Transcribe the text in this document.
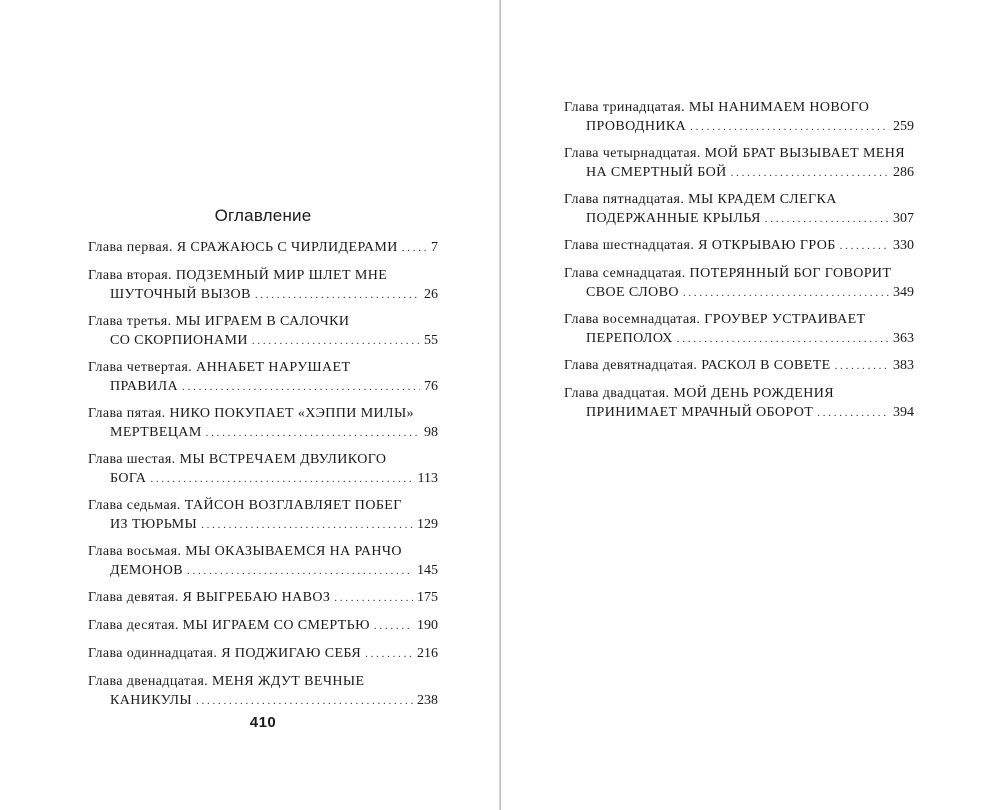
Оглавление
Глава первая. Я СРАЖАЮСЬ С ЧИРЛИДЕРАМИ . . . 7
Глава вторая. ПОДЗЕМНЫЙ МИР ШЛЕТ МНЕ
ШУТОЧНЫЙ ВЫЗОВ . . .	26
Глава третья. МЫ ИГРАЕМ В САЛОЧКИ
СО СКОРПИОНАМИ . . .	55
Глава четвертая. АННАБЕТ НАРУШАЕТ
ПРАВИЛА . . .	76
Глава пятая. НИКО ПОКУПАЕТ «ХЭППИ МИЛЫ»
МЕРТВЕЦАМ . . .	98
Глава шестая. МЫ ВСТРЕЧАЕМ ДВУЛИКОГО
БОГА . . .	113
Глава седьмая. ТАЙСОН ВОЗГЛАВЛЯЕТ ПОБЕГ
ИЗ ТЮРЬМЫ . . .	129
Глава восьмая. МЫ ОКАЗЫВАЕМСЯ НА РАНЧО
ДЕМОНОВ . . .	145
Глава девятая. Я ВЫГРЕБАЮ НАВОЗ . . .	175
Глава десятая. МЫ ИГРАЕМ СО СМЕРТЬЮ . . .	190
Глава одиннадцатая. Я ПОДЖИГАЮ СЕБЯ . . .	216
Глава двенадцатая. МЕНЯ ЖДУТ ВЕЧНЫЕ
КАНИКУЛЫ . . .	238
Глава тринадцатая. МЫ НАНИМАЕМ НОВОГО
ПРОВОДНИКА . . .	259
Глава четырнадцатая. МОЙ БРАТ ВЫЗЫВАЕТ МЕНЯ
НА СМЕРТНЫЙ БОЙ . . .	286
Глава пятнадцатая. МЫ КРАДЕМ СЛЕГКА
ПОДЕРЖАННЫЕ КРЫЛЬЯ . . .	307
Глава шестнадцатая. Я ОТКРЫВАЮ ГРОБ . . .	330
Глава семнадцатая. ПОТЕРЯННЫЙ БОГ ГОВОРИТ
СВОЕ СЛОВО . . .	349
Глава восемнадцатая. ГРОУВЕР УСТРАИВАЕТ
ПЕРЕПОЛОХ . . .	363
Глава девятнадцатая. РАСКОЛ В СОВЕТЕ . . .	383
Глава двадцатая. МОЙ ДЕНЬ РОЖДЕНИЯ
ПРИНИМАЕТ МРАЧНЫЙ ОБОРОТ . . .	394
410
